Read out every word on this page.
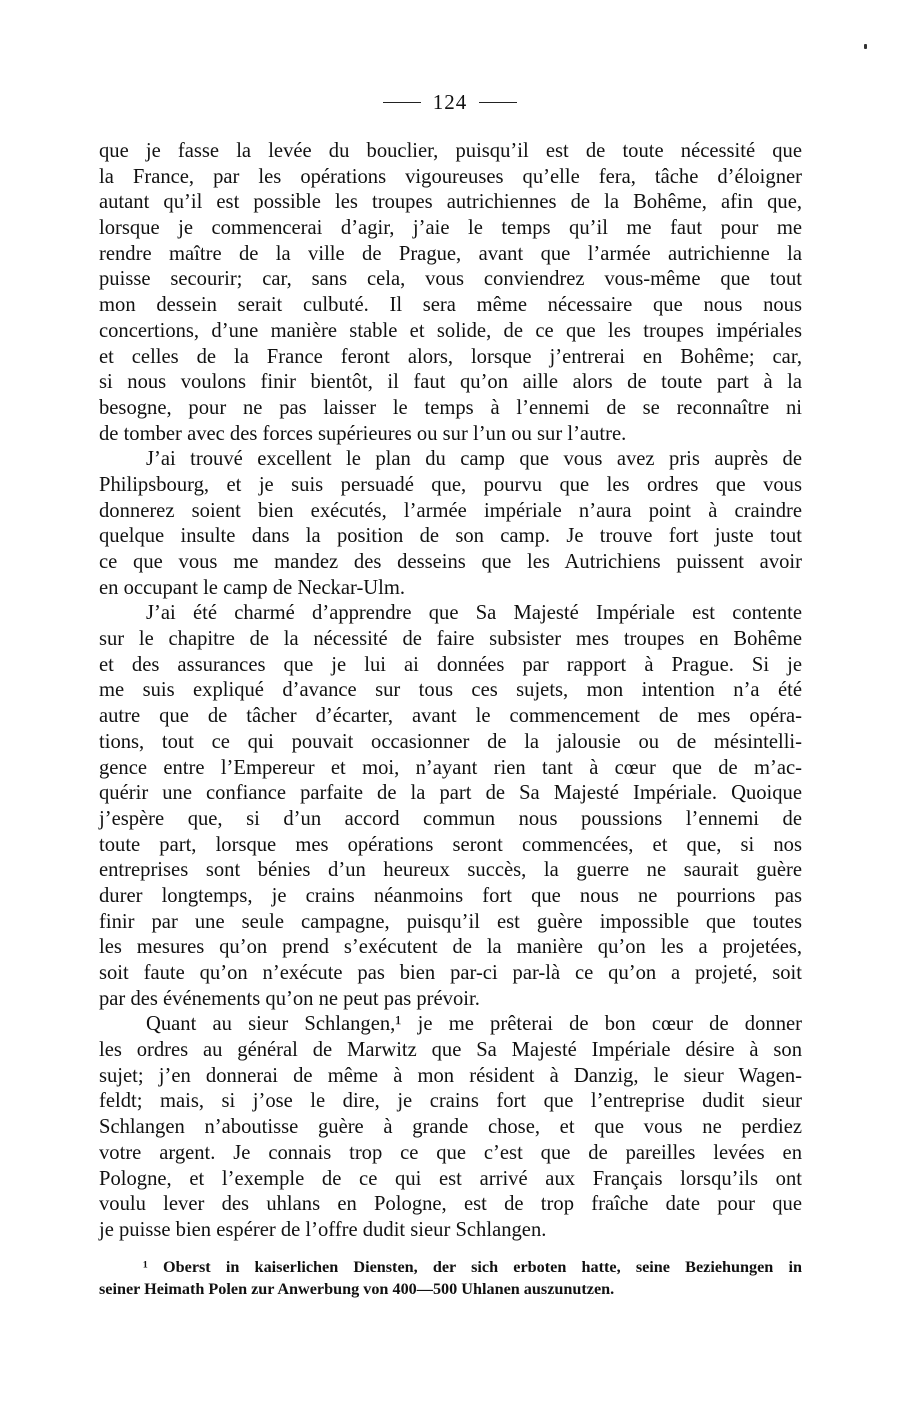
124
que je fasse la levée du bouclier, puisqu’il est de toute nécessité que
la France, par les opérations vigoureuses qu’elle fera, tâche d’éloigner
autant qu’il est possible les troupes autrichiennes de la Bohême, afin que,
lorsque je commencerai d’agir, j’aie le temps qu’il me faut pour me
rendre maître de la ville de Prague, avant que l’armée autrichienne la
puisse secourir; car, sans cela, vous conviendrez vous-même que tout
mon dessein serait culbuté. Il sera même nécessaire que nous nous
concertions, d’une manière stable et solide, de ce que les troupes impériales
et celles de la France feront alors, lorsque j’entrerai en Bohême; car,
si nous voulons finir bientôt, il faut qu’on aille alors de toute part à la
besogne, pour ne pas laisser le temps à l’ennemi de se reconnaître ni
de tomber avec des forces supérieures ou sur l’un ou sur l’autre.
J’ai trouvé excellent le plan du camp que vous avez pris auprès de
Philipsbourg, et je suis persuadé que, pourvu que les ordres que vous
donnerez soient bien exécutés, l’armée impériale n’aura point à craindre
quelque insulte dans la position de son camp. Je trouve fort juste tout
ce que vous me mandez des desseins que les Autrichiens puissent avoir
en occupant le camp de Neckar-Ulm.
J’ai été charmé d’apprendre que Sa Majesté Impériale est contente
sur le chapitre de la nécessité de faire subsister mes troupes en Bohême
et des assurances que je lui ai données par rapport à Prague. Si je
me suis expliqué d’avance sur tous ces sujets, mon intention n’a été
autre que de tâcher d’écarter, avant le commencement de mes opéra-
tions, tout ce qui pouvait occasionner de la jalousie ou de mésintelli-
gence entre l’Empereur et moi, n’ayant rien tant à cœur que de m’ac-
quérir une confiance parfaite de la part de Sa Majesté Impériale. Quoique
j’espère que, si d’un accord commun nous poussions l’ennemi de
toute part, lorsque mes opérations seront commencées, et que, si nos
entreprises sont bénies d’un heureux succès, la guerre ne saurait guère
durer longtemps, je crains néanmoins fort que nous ne pourrions pas
finir par une seule campagne, puisqu’il est guère impossible que toutes
les mesures qu’on prend s’exécutent de la manière qu’on les a projetées,
soit faute qu’on n’exécute pas bien par-ci par-là ce qu’on a projeté, soit
par des événements qu’on ne peut pas prévoir.
Quant au sieur Schlangen,¹ je me prêterai de bon cœur de donner
les ordres au général de Marwitz que Sa Majesté Impériale désire à son
sujet; j’en donnerai de même à mon résident à Danzig, le sieur Wagen-
feldt; mais, si j’ose le dire, je crains fort que l’entreprise dudit sieur
Schlangen n’aboutisse guère à grande chose, et que vous ne perdiez
votre argent. Je connais trop ce que c’est que de pareilles levées en
Pologne, et l’exemple de ce qui est arrivé aux Français lorsqu’ils ont
voulu lever des uhlans en Pologne, est de trop fraîche date pour que
je puisse bien espérer de l’offre dudit sieur Schlangen.
¹ Oberst in kaiserlichen Diensten, der sich erboten hatte, seine Beziehungen in
seiner Heimath Polen zur Anwerbung von 400—500 Uhlanen auszunutzen.
